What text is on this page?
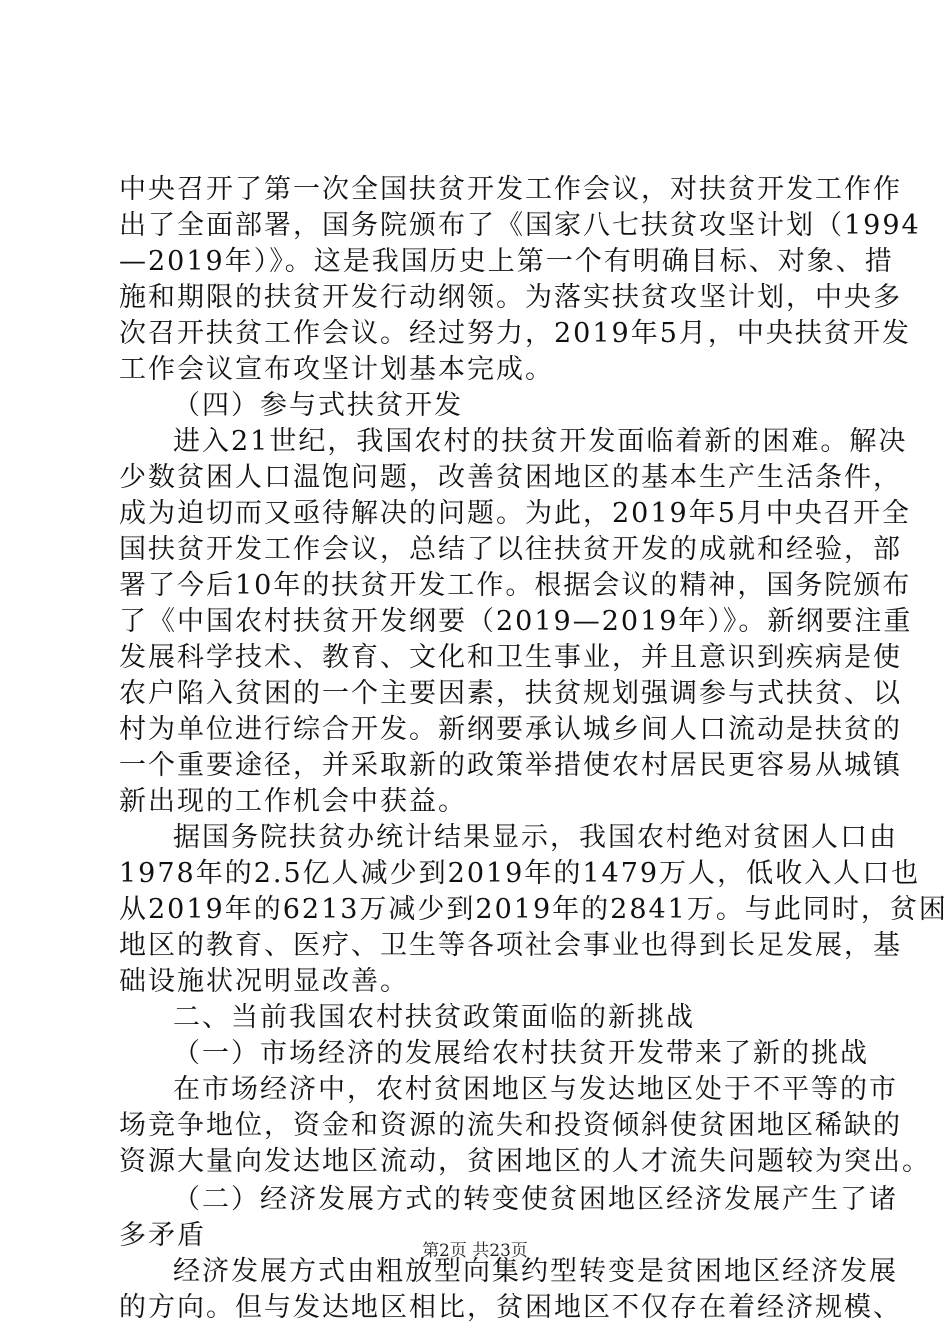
中央召开了第一次全国扶贫开发工作会议，对扶贫开发工作作
出了全面部署，国务院颁布了《国家八七扶贫攻坚计划（1994
—2019年）》。这是我国历史上第一个有明确目标、对象、措
施和期限的扶贫开发行动纲领。为落实扶贫攻坚计划，中央多
次召开扶贫工作会议。经过努力，2019年5月，中央扶贫开发
工作会议宣布攻坚计划基本完成。
（四）参与式扶贫开发
进入21世纪，我国农村的扶贫开发面临着新的困难。解决
少数贫困人口温饱问题，改善贫困地区的基本生产生活条件，
成为迫切而又亟待解决的问题。为此，2019年5月中央召开全
国扶贫开发工作会议，总结了以往扶贫开发的成就和经验，部
署了今后10年的扶贫开发工作。根据会议的精神，国务院颁布
了《中国农村扶贫开发纲要（2019—2019年）》。新纲要注重
发展科学技术、教育、文化和卫生事业，并且意识到疾病是使
农户陷入贫困的一个主要因素，扶贫规划强调参与式扶贫、以
村为单位进行综合开发。新纲要承认城乡间人口流动是扶贫的
一个重要途径，并采取新的政策举措使农村居民更容易从城镇
新出现的工作机会中获益。
据国务院扶贫办统计结果显示，我国农村绝对贫困人口由
1978年的2.5亿人减少到2019年的1479万人，低收入人口也
从2019年的6213万减少到2019年的2841万。与此同时，贫困
地区的教育、医疗、卫生等各项社会事业也得到长足发展，基
础设施状况明显改善。
二、当前我国农村扶贫政策面临的新挑战
（一）市场经济的发展给农村扶贫开发带来了新的挑战
在市场经济中，农村贫困地区与发达地区处于不平等的市
场竞争地位，资金和资源的流失和投资倾斜使贫困地区稀缺的
资源大量向发达地区流动，贫困地区的人才流失问题较为突出。
（二）经济发展方式的转变使贫困地区经济发展产生了诸
多矛盾
经济发展方式由粗放型向集约型转变是贫困地区经济发展
的方向。但与发达地区相比，贫困地区不仅存在着经济规模、
第2页 共23页
